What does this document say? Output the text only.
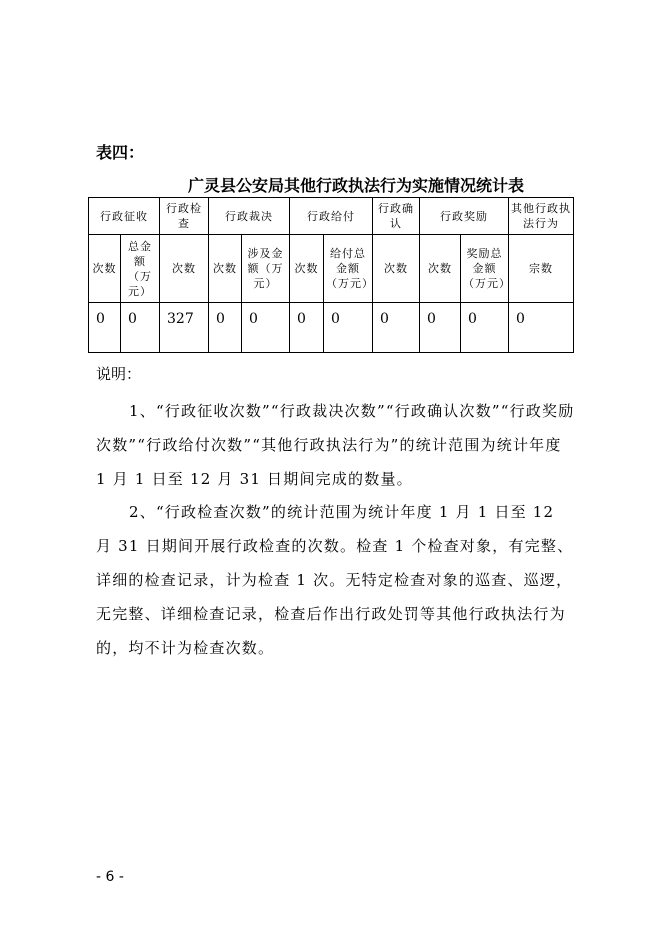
表四：
广灵县公安局其他行政执法行为实施情况统计表
行政征收		行政检查	行政裁决		行政给付		行政确认	行政奖励		其他行政执法行为
次数	总金额（万元）	次数	次数	涉及金额（万元）	次数	给付总金额（万元）	次数	次数	奖励总金额（万元）	宗数
0	0	327	0	0	0	0	0	0	0	0
说明：
1、“行政征收次数”“行政裁决次数”“行政确认次数”“行政奖励次数”“行政给付次数”“其他行政执法行为”的统计范围为统计年度 1 月 1 日至 12 月 31 日期间完成的数量。
2、“行政检查次数”的统计范围为统计年度 1 月 1 日至 12 月 31 日期间开展行政检查的次数。检查 1 个检查对象，有完整、详细的检查记录，计为检查 1 次。无特定检查对象的巡查、巡逻，无完整、详细检查记录，检查后作出行政处罚等其他行政执法行为的，均不计为检查次数。
- 6 -
